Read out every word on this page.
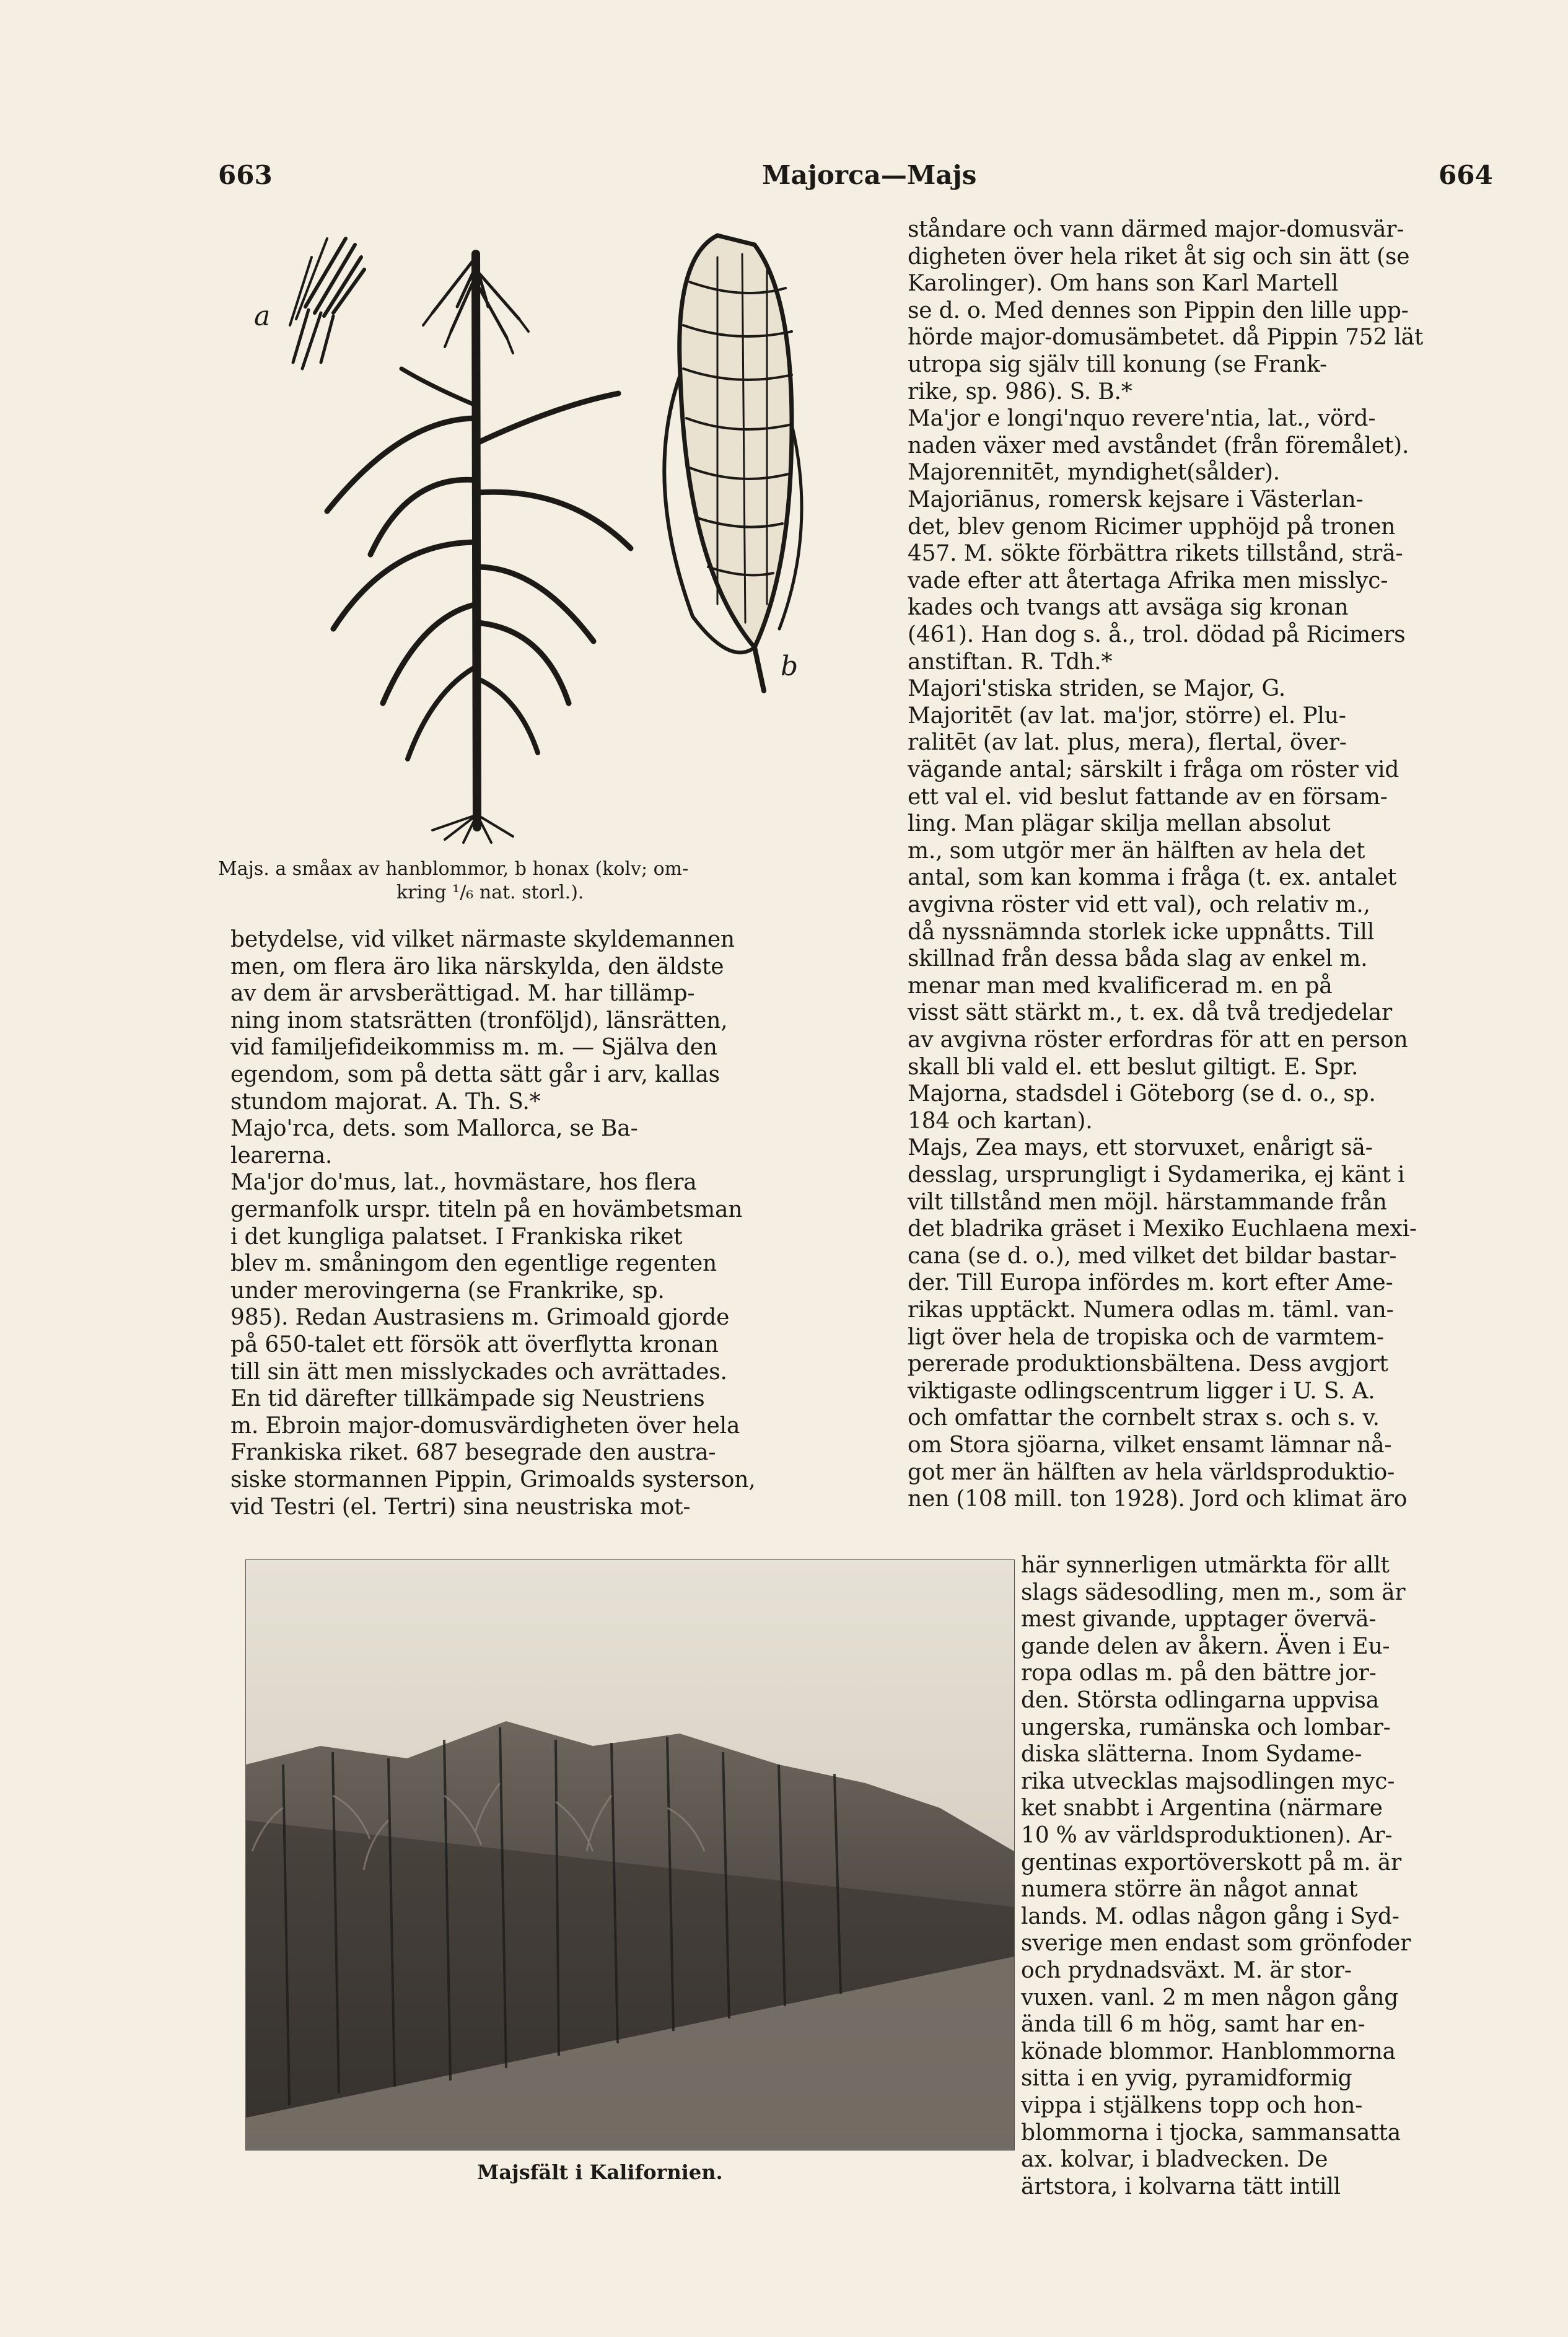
663	Majorca—Majs	664
a
b
Majs. a småax av hanblommor, b honax (kolv; om-
kring ¹/₆ nat. storl.).
Majsfält i Kalifornien.
betydelse, vid vilket närmaste skyldemannen
men, om flera äro lika närskylda, den äldste
av dem är arvsberättigad. M. har tillämp-
ning inom statsrätten (tronföljd), länsrätten,
vid familjefideikommiss m. m. — Själva den
egendom, som på detta sätt går i arv, kallas
stundom majorat. A. Th. S.*
Majo'rca, dets. som Mallorca, se Ba-
learerna.
Ma'jor do'mus, lat., hovmästare, hos flera
germanfolk urspr. titeln på en hovämbetsman
i det kungliga palatset. I Frankiska riket
blev m. småningom den egentlige regenten
under merovingerna (se Frankrike, sp.
985). Redan Austrasiens m. Grimoald gjorde
på 650-talet ett försök att överflytta kronan
till sin ätt men misslyckades och avrättades.
En tid därefter tillkämpade sig Neustriens
m. Ebroin major-domusvärdigheten över hela
Frankiska riket. 687 besegrade den austra-
siske stormannen Pippin, Grimoalds systerson,
vid Testri (el. Tertri) sina neustriska mot-
ståndare och vann därmed major-domusvär-
digheten över hela riket åt sig och sin ätt (se
Karolinger). Om hans son Karl Martell
se d. o. Med dennes son Pippin den lille upp-
hörde major-domusämbetet. då Pippin 752 lät
utropa sig själv till konung (se Frank-
rike, sp. 986). S. B.*
Ma'jor e longi'nquo revere'ntia, lat., vörd-
naden växer med avståndet (från föremålet).
Majorennitēt, myndighet(sålder).
Majoriānus, romersk kejsare i Västerlan-
det, blev genom Ricimer upphöjd på tronen
457. M. sökte förbättra rikets tillstånd, strä-
vade efter att återtaga Afrika men misslyc-
kades och tvangs att avsäga sig kronan
(461). Han dog s. å., trol. dödad på Ricimers
anstiftan. R. Tdh.*
Majori'stiska striden, se Major, G.
Majoritēt (av lat. ma'jor, större) el. Plu-
ralitēt (av lat. plus, mera), flertal, över-
vägande antal; särskilt i fråga om röster vid
ett val el. vid beslut fattande av en försam-
ling. Man plägar skilja mellan absolut
m., som utgör mer än hälften av hela det
antal, som kan komma i fråga (t. ex. antalet
avgivna röster vid ett val), och relativ m.,
då nyssnämnda storlek icke uppnåtts. Till
skillnad från dessa båda slag av enkel m.
menar man med kvalificerad m. en på
visst sätt stärkt m., t. ex. då två tredjedelar
av avgivna röster erfordras för att en person
skall bli vald el. ett beslut giltigt. E. Spr.
Majorna, stadsdel i Göteborg (se d. o., sp.
184 och kartan).
Majs, Zea mays, ett storvuxet, enårigt sä-
desslag, ursprungligt i Sydamerika, ej känt i
vilt tillstånd men möjl. härstammande från
det bladrika gräset i Mexiko Euchlaena mexi-
cana (se d. o.), med vilket det bildar bastar-
der. Till Europa infördes m. kort efter Ame-
rikas upptäckt. Numera odlas m. täml. van-
ligt över hela de tropiska och de varmtem-
pererade produktionsbältena. Dess avgjort
viktigaste odlingscentrum ligger i U. S. A.
och omfattar the cornbelt strax s. och s. v.
om Stora sjöarna, vilket ensamt lämnar nå-
got mer än hälften av hela världsproduktio-
nen (108 mill. ton 1928). Jord och klimat äro
här synnerligen utmärkta för allt
slags sädesodling, men m., som är
mest givande, upptager övervä-
gande delen av åkern. Även i Eu-
ropa odlas m. på den bättre jor-
den. Största odlingarna uppvisa
ungerska, rumänska och lombar-
diska slätterna. Inom Sydame-
rika utvecklas majsodlingen myc-
ket snabbt i Argentina (närmare
10 % av världsproduktionen). Ar-
gentinas exportöverskott på m. är
numera större än något annat
lands. M. odlas någon gång i Syd-
sverige men endast som grönfoder
och prydnadsväxt. M. är stor-
vuxen. vanl. 2 m men någon gång
ända till 6 m hög, samt har en-
könade blommor. Hanblommorna
sitta i en yvig, pyramidformig
vippa i stjälkens topp och hon-
blommorna i tjocka, sammansatta
ax. kolvar, i bladvecken. De
ärtstora, i kolvarna tätt intill
